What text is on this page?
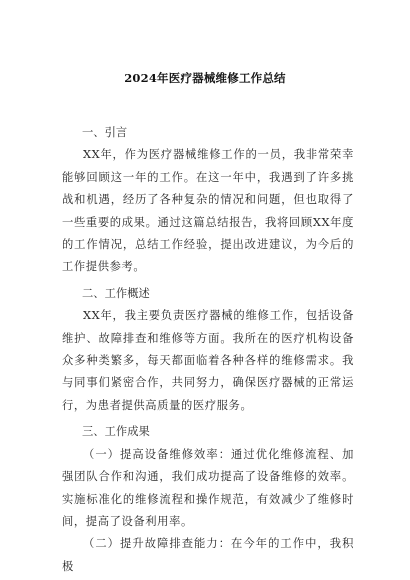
2024年医疗器械维修工作总结

一、引言

XX年，作为医疗器械维修工作的一员，我非常荣幸能够回顾这一年的工作。在这一年中，我遇到了许多挑战和机遇，经历了各种复杂的情况和问题，但也取得了一些重要的成果。通过这篇总结报告，我将回顾XX年度的工作情况，总结工作经验，提出改进建议，为今后的工作提供参考。

二、工作概述

XX年，我主要负责医疗器械的维修工作，包括设备维护、故障排查和维修等方面。我所在的医疗机构设备众多种类繁多，每天都面临着各种各样的维修需求。我与同事们紧密合作，共同努力，确保医疗器械的正常运行，为患者提供高质量的医疗服务。

三、工作成果

（一）提高设备维修效率：通过优化维修流程、加强团队合作和沟通，我们成功提高了设备维修的效率。实施标准化的维修流程和操作规范，有效减少了维修时间，提高了设备利用率。

（二）提升故障排查能力：在今年的工作中，我积极
